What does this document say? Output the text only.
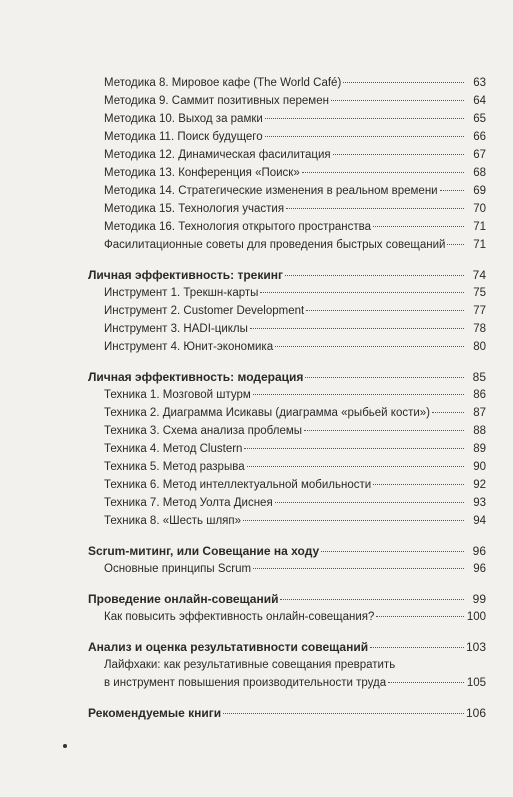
Методика 8. Мировое кафе (The World Café)	63
Методика 9. Саммит позитивных перемен	64
Методика 10. Выход за рамки	65
Методика 11. Поиск будущего	66
Методика 12. Динамическая фасилитация	67
Методика 13. Конференция «Поиск»	68
Методика 14. Стратегические изменения в реальном времени	69
Методика 15. Технология участия	70
Методика 16. Технология открытого пространства	71
Фасилитационные советы для проведения быстрых совещаний	71
Личная эффективность: трекинг	74
Инструмент 1. Трекшн-карты	75
Инструмент 2. Customer Development	77
Инструмент 3. HADI-циклы	78
Инструмент 4. Юнит-экономика	80
Личная эффективность: модерация	85
Техника 1. Мозговой штурм	86
Техника 2. Диаграмма Исикавы (диаграмма «рыбьей кости»)	87
Техника 3. Схема анализа проблемы	88
Техника 4. Метод Clustern	89
Техника 5. Метод разрыва	90
Техника 6. Метод интеллектуальной мобильности	92
Техника 7. Метод Уолта Диснея	93
Техника 8. «Шесть шляп»	94
Scrum-митинг, или Совещание на ходу	96
Основные принципы Scrum	96
Проведение онлайн-совещаний	99
Как повысить эффективность онлайн-совещания?	100
Анализ и оценка результативности совещаний	103
Лайфхаки: как результативные совещания превратить
в инструмент повышения производительности труда	105
Рекомендуемые книги	106
